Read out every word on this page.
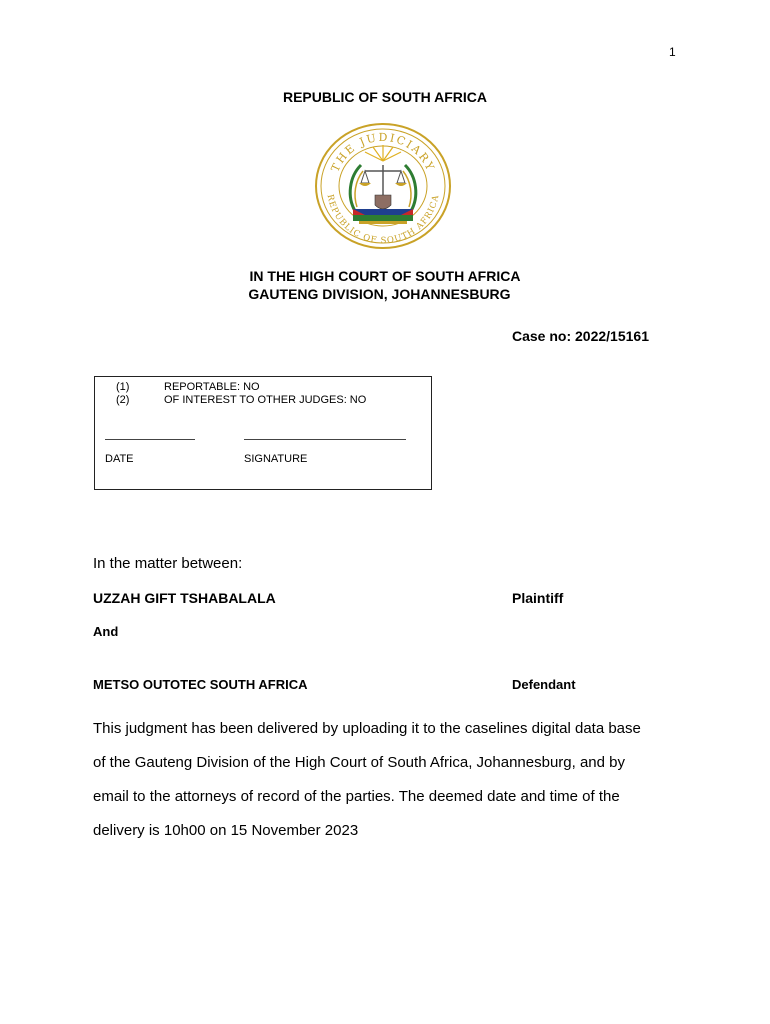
1
REPUBLIC OF SOUTH AFRICA
THE JUDICIARY
REPUBLIC OF SOUTH AFRICA
IN THE HIGH COURT OF SOUTH AFRICA
GAUTENG DIVISION, JOHANNESBURG
Case no: 2022/15161
(1)	REPORTABLE: NO
(2)	OF INTEREST TO OTHER JUDGES: NO
DATE	SIGNATURE
In the matter between:
UZZAH GIFT TSHABALALA	Plaintiff
And
METSO OUTOTEC SOUTH AFRICA	Defendant
This judgment has been delivered by uploading it to the caselines digital data base
of the Gauteng Division of the High Court of South Africa, Johannesburg, and by
email to the attorneys of record of the parties. The deemed date and time of the
delivery is 10h00 on 15 November 2023
